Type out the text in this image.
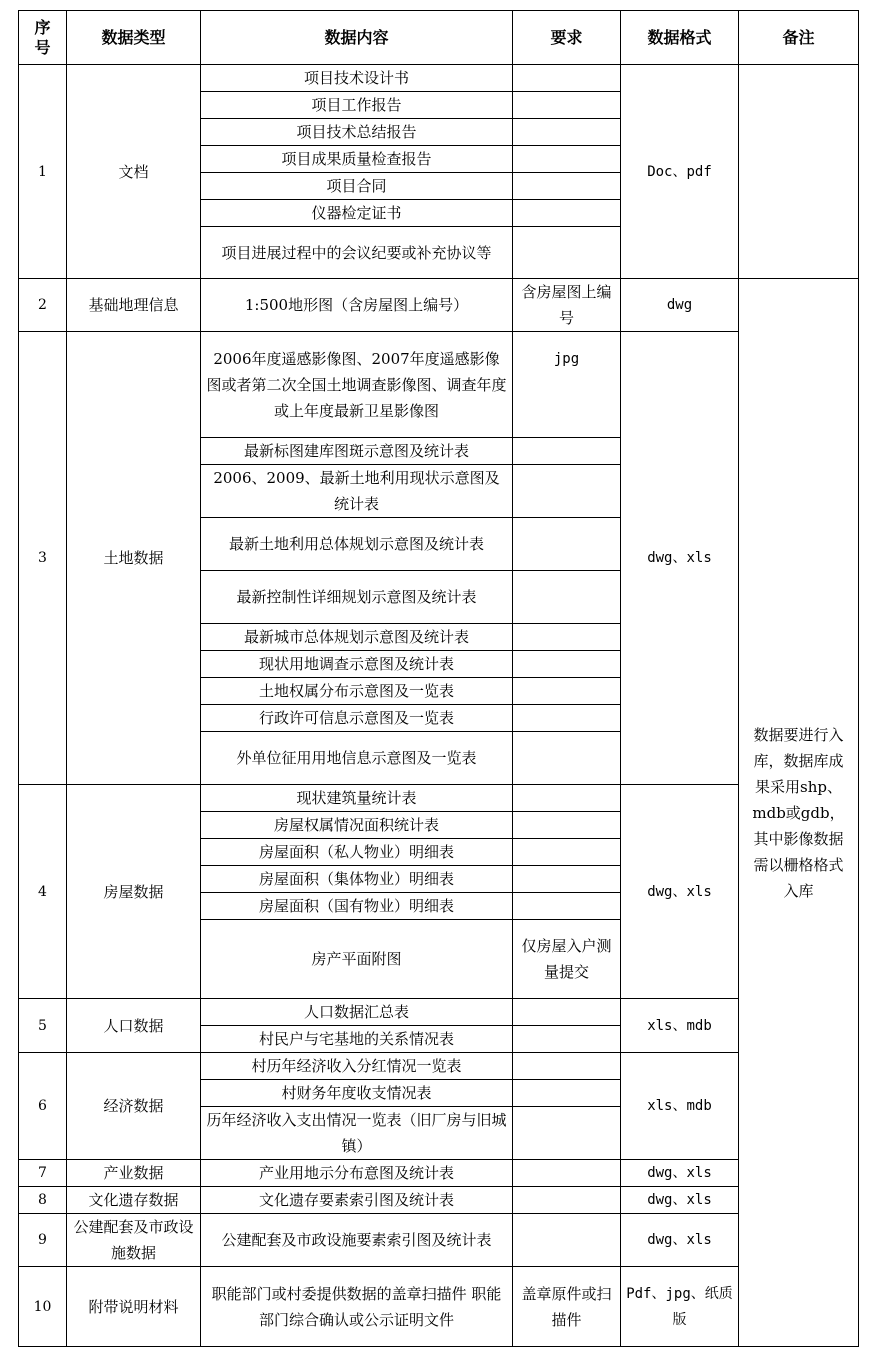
序号	数据类型	数据内容	要求	数据格式	备注
1	文档	项目技术设计书		Doc、pdf	
		项目工作报告			
		项目技术总结报告			
		项目成果质量检查报告			
		项目合同			
		仪器检定证书			
		项目进展过程中的会议纪要或补充协议等			
2	基础地理信息	1:500地形图（含房屋图上编号）	含房屋图上编号	dwg	数据要进行入库，数据库成果采用shp、mdb或gdb，其中影像数据需以栅格格式入库
3	土地数据	2006年度遥感影像图、2007年度遥感影像图或者第二次全国土地调查影像图、调查年度或上年度最新卫星影像图	jpg	dwg、xls	
		最新标图建库图斑示意图及统计表			
		2006、2009、最新土地利用现状示意图及统计表			
		最新土地利用总体规划示意图及统计表			
		最新控制性详细规划示意图及统计表			
		最新城市总体规划示意图及统计表			
		现状用地调查示意图及统计表			
		土地权属分布示意图及一览表			
		行政许可信息示意图及一览表			
		外单位征用用地信息示意图及一览表			
4	房屋数据	现状建筑量统计表		dwg、xls	
		房屋权属情况面积统计表			
		房屋面积（私人物业）明细表			
		房屋面积（集体物业）明细表			
		房屋面积（国有物业）明细表			
		房产平面附图	仅房屋入户测量提交		
5	人口数据	人口数据汇总表		xls、mdb	
		村民户与宅基地的关系情况表			
6	经济数据	村历年经济收入分红情况一览表		xls、mdb	
		村财务年度收支情况表			
		历年经济收入支出情况一览表（旧厂房与旧城镇）			
7	产业数据	产业用地示分布意图及统计表		dwg、xls	
8	文化遗存数据	文化遗存要素索引图及统计表		dwg、xls	
9	公建配套及市政设施数据	公建配套及市政设施要素索引图及统计表		dwg、xls	
10	附带说明材料	职能部门或村委提供数据的盖章扫描件 职能部门综合确认或公示证明文件	盖章原件或扫描件	Pdf、jpg、纸质版	
